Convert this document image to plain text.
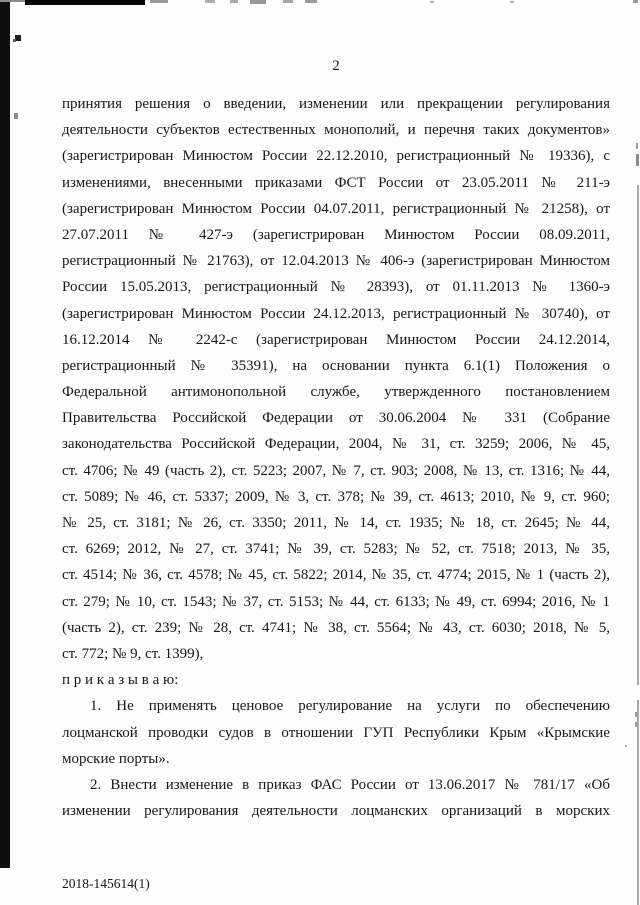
2
принятия решения о введении, изменении или прекращении регулирования
деятельности субъектов естественных монополий, и перечня таких документов»
(зарегистрирован Минюстом России 22.12.2010, регистрационный № 19336), с
изменениями, внесенными приказами ФСТ России от 23.05.2011 № 211-э
(зарегистрирован Минюстом России 04.07.2011, регистрационный № 21258), от
27.07.2011 № 427-э (зарегистрирован Минюстом России 08.09.2011,
регистрационный № 21763), от 12.04.2013 № 406-э (зарегистрирован Минюстом
России 15.05.2013, регистрационный № 28393), от 01.11.2013 № 1360-э
(зарегистрирован Минюстом России 24.12.2013, регистрационный № 30740), от
16.12.2014 № 2242-с (зарегистрирован Минюстом России 24.12.2014,
регистрационный № 35391), на основании пункта 6.1(1) Положения о
Федеральной антимонопольной службе, утвержденного постановлением
Правительства Российской Федерации от 30.06.2004 № 331 (Собрание
законодательства Российской Федерации, 2004, № 31, ст. 3259; 2006, № 45,
ст. 4706; № 49 (часть 2), ст. 5223; 2007, № 7, ст. 903; 2008, № 13, ст. 1316; № 44,
ст. 5089; № 46, ст. 5337; 2009, № 3, ст. 378; № 39, ст. 4613; 2010, № 9, ст. 960;
№ 25, ст. 3181; № 26, ст. 3350; 2011, № 14, ст. 1935; № 18, ст. 2645; № 44,
ст. 6269; 2012, № 27, ст. 3741; № 39, ст. 5283; № 52, ст. 7518; 2013, № 35,
ст. 4514; № 36, ст. 4578; № 45, ст. 5822; 2014, № 35, ст. 4774; 2015, № 1 (часть 2),
ст. 279; № 10, ст. 1543; № 37, ст. 5153; № 44, ст. 6133; № 49, ст. 6994; 2016, № 1
(часть 2), ст. 239; № 28, ст. 4741; № 38, ст. 5564; № 43, ст. 6030; 2018, № 5,
ст. 772; № 9, ст. 1399),
п р и к а з ы в а ю:
1. Не применять ценовое регулирование на услуги по обеспечению
лоцманской проводки судов в отношении ГУП Республики Крым «Крымские
морские порты».
2. Внести изменение в приказ ФАС России от 13.06.2017 № 781/17 «Об
изменении регулирования деятельности лоцманских организаций в морских
2018-145614(1)
